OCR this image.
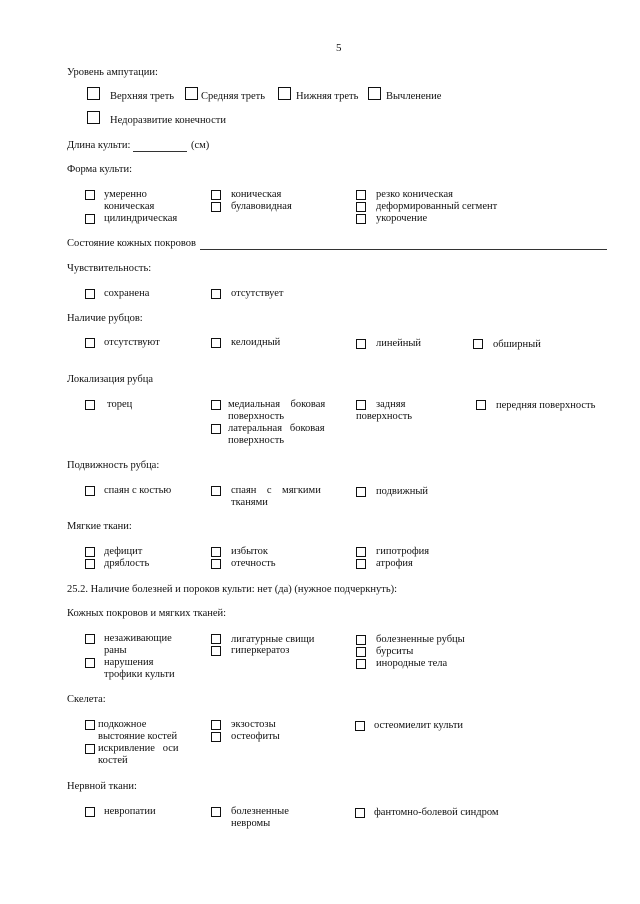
5
Уровень ампутации:
Верхняя треть	Средняя треть	Нижняя треть	Вычленение
Недоразвитие конечности
Длина культи:	(см)
Форма культи:
умеренно
коническая
цилиндрическая
коническая
булавовидная
резко коническая
деформированный сегмент
укорочение
Состояние кожных покровов
Чувствительность:
сохранена	отсутствует
Наличие рубцов:
отсутствуют	келоидный	линейный	обширный
Локализация рубца
торец	медиальная    боковая
поверхность
латеральная   боковая
поверхность
задняя
поверхность
передняя поверхность
Подвижность рубца:
спаян с костью	спаян    с    мягкими
тканями
подвижный
Мягкие ткани:
дефицит
дряблость
избыток
отечность
гипотрофия
атрофия
25.2. Наличие болезней и пороков культи: нет (да) (нужное подчеркнуть):
Кожных покровов и мягких тканей:
незаживающие
раны
нарушения
трофики культи
лигатурные свищи
гиперкератоз
болезненные рубцы
бурситы
инородные тела
Скелета:
подкожное
выстояние костей
искривление   оси
костей
экзостозы
остеофиты
остеомиелит культи
Нервной ткани:
невропатии	болезненные
невромы
фантомно-болевой синдром
